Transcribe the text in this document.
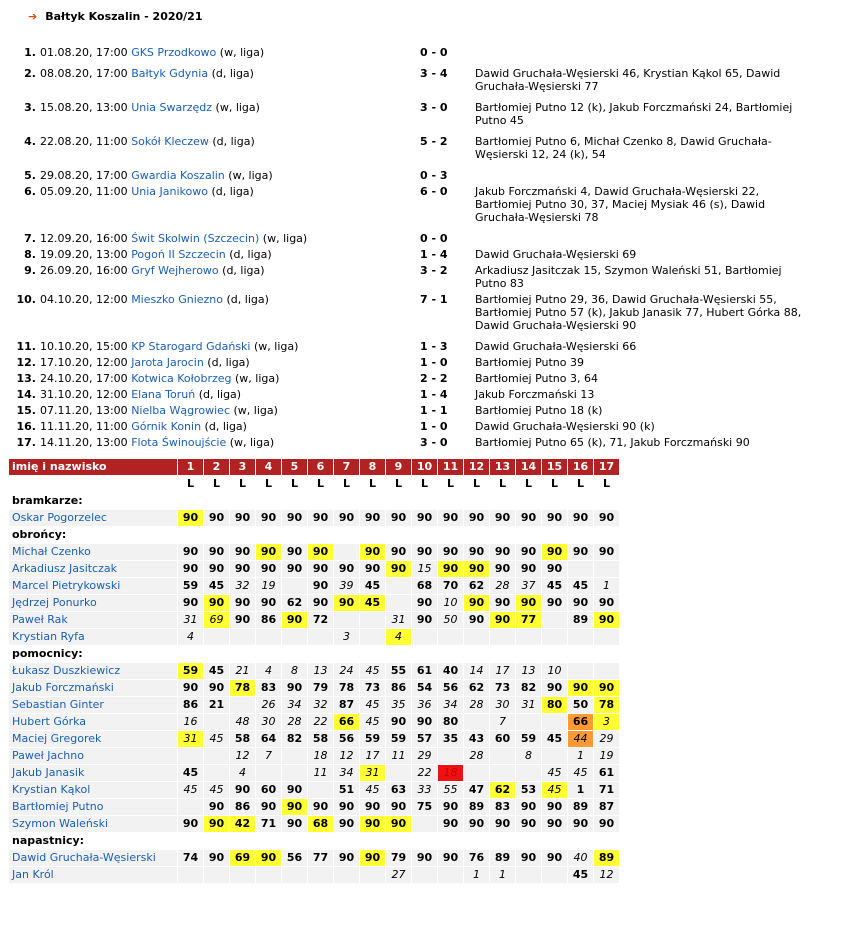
➔ Bałtyk Koszalin - 2020/21
1.	01.08.20, 17:00 GKS Przodkowo (w, liga)	0 - 0	
2.	08.08.20, 17:00 Bałtyk Gdynia (d, liga)	3 - 4	Dawid Gruchała-Węsierski 46, Krystian Kąkol 65, Dawid Gruchała-Węsierski 77
3.	15.08.20, 13:00 Unia Swarzędz (w, liga)	3 - 0	Bartłomiej Putno 12 (k), Jakub Forczmański 24, Bartłomiej Putno 45
4.	22.08.20, 11:00 Sokół Kleczew (d, liga)	5 - 2	Bartłomiej Putno 6, Michał Czenko 8, Dawid Gruchała-Węsierski 12, 24 (k), 54
5.	29.08.20, 17:00 Gwardia Koszalin (w, liga)	0 - 3	
6.	05.09.20, 11:00 Unia Janikowo (d, liga)	6 - 0	Jakub Forczmański 4, Dawid Gruchała-Węsierski 22, Bartłomiej Putno 30, 37, Maciej Mysiak 46 (s), Dawid Gruchała-Węsierski 78
7.	12.09.20, 16:00 Świt Skolwin (Szczecin) (w, liga)	0 - 0	
8.	19.09.20, 13:00 Pogoń II Szczecin (d, liga)	1 - 4	Dawid Gruchała-Węsierski 69
9.	26.09.20, 16:00 Gryf Wejherowo (d, liga)	3 - 2	Arkadiusz Jasitczak 15, Szymon Waleński 51, Bartłomiej Putno 83
10.	04.10.20, 12:00 Mieszko Gniezno (d, liga)	7 - 1	Bartłomiej Putno 29, 36, Dawid Gruchała-Węsierski 55, Bartłomiej Putno 57 (k), Jakub Janasik 77, Hubert Górka 88, Dawid Gruchała-Węsierski 90
11.	10.10.20, 15:00 KP Starogard Gdański (w, liga)	1 - 3	Dawid Gruchała-Węsierski 66
12.	17.10.20, 12:00 Jarota Jarocin (d, liga)	1 - 0	Bartłomiej Putno 39
13.	24.10.20, 17:00 Kotwica Kołobrzeg (w, liga)	2 - 2	Bartłomiej Putno 3, 64
14.	31.10.20, 12:00 Elana Toruń (d, liga)	1 - 4	Jakub Forczmański 13
15.	07.11.20, 13:00 Nielba Wągrowiec (w, liga)	1 - 1	Bartłomiej Putno 18 (k)
16.	11.11.20, 11:00 Górnik Konin (d, liga)	1 - 0	Dawid Gruchała-Węsierski 90 (k)
17.	14.11.20, 13:00 Flota Świnoujście (w, liga)	3 - 0	Bartłomiej Putno 65 (k), 71, Jakub Forczmański 90
imię i nazwisko	1	2	3	4	5	6	7	8	9	10	11	12	13	14	15	16	17
	L	L	L	L	L	L	L	L	L	L	L	L	L	L	L	L	L
bramkarze:																	
Oskar Pogorzelec	90	90	90	90	90	90	90	90	90	90	90	90	90	90	90	90	90
obrońcy:																	
Michał Czenko	90	90	90	90	90	90		90	90	90	90	90	90	90	90	90	90
Arkadiusz Jasitczak	90	90	90	90	90	90	90	90	90	15	90	90	90	90	90		
Marcel Pietrykowski	59	45	32	19		90	39	45		68	70	62	28	37	45	45	1
Jędrzej Ponurko	90	90	90	90	62	90	90	45		90	10	90	90	90	90	90	90
Paweł Rak	31	69	90	86	90	72			31	90	50	90	90	77		89	90
Krystian Ryfa	4						3		4								
pomocnicy:																	
Łukasz Duszkiewicz	59	45	21	4	8	13	24	45	55	61	40	14	17	13	10		
Jakub Forczmański	90	90	78	83	90	79	78	73	86	54	56	62	73	82	90	90	90
Sebastian Ginter	86	21		26	34	32	87	45	35	36	34	28	30	31	80	50	78
Hubert Górka	16		48	30	28	22	66	45	90	90	80		7			66	3
Maciej Gregorek	31	45	58	64	82	58	56	59	59	57	35	43	60	59	45	44	29
Paweł Jachno			12	7		18	12	17	11	29		28		8		1	19
Jakub Janasik	45		4			11	34	31		22	18				45	45	61
Krystian Kąkol	45	45	90	60	90		51	45	63	33	55	47	62	53	45	1	71
Bartłomiej Putno		90	86	90	90	90	90	90	90	75	90	89	83	90	90	89	87
Szymon Waleński	90	90	42	71	90	68	90	90	90		90	90	90	90	90	90	90
napastnicy:																	
Dawid Gruchała-Węsierski	74	90	69	90	56	77	90	90	79	90	90	76	89	90	90	40	89
Jan Król									27			1	1			45	12
